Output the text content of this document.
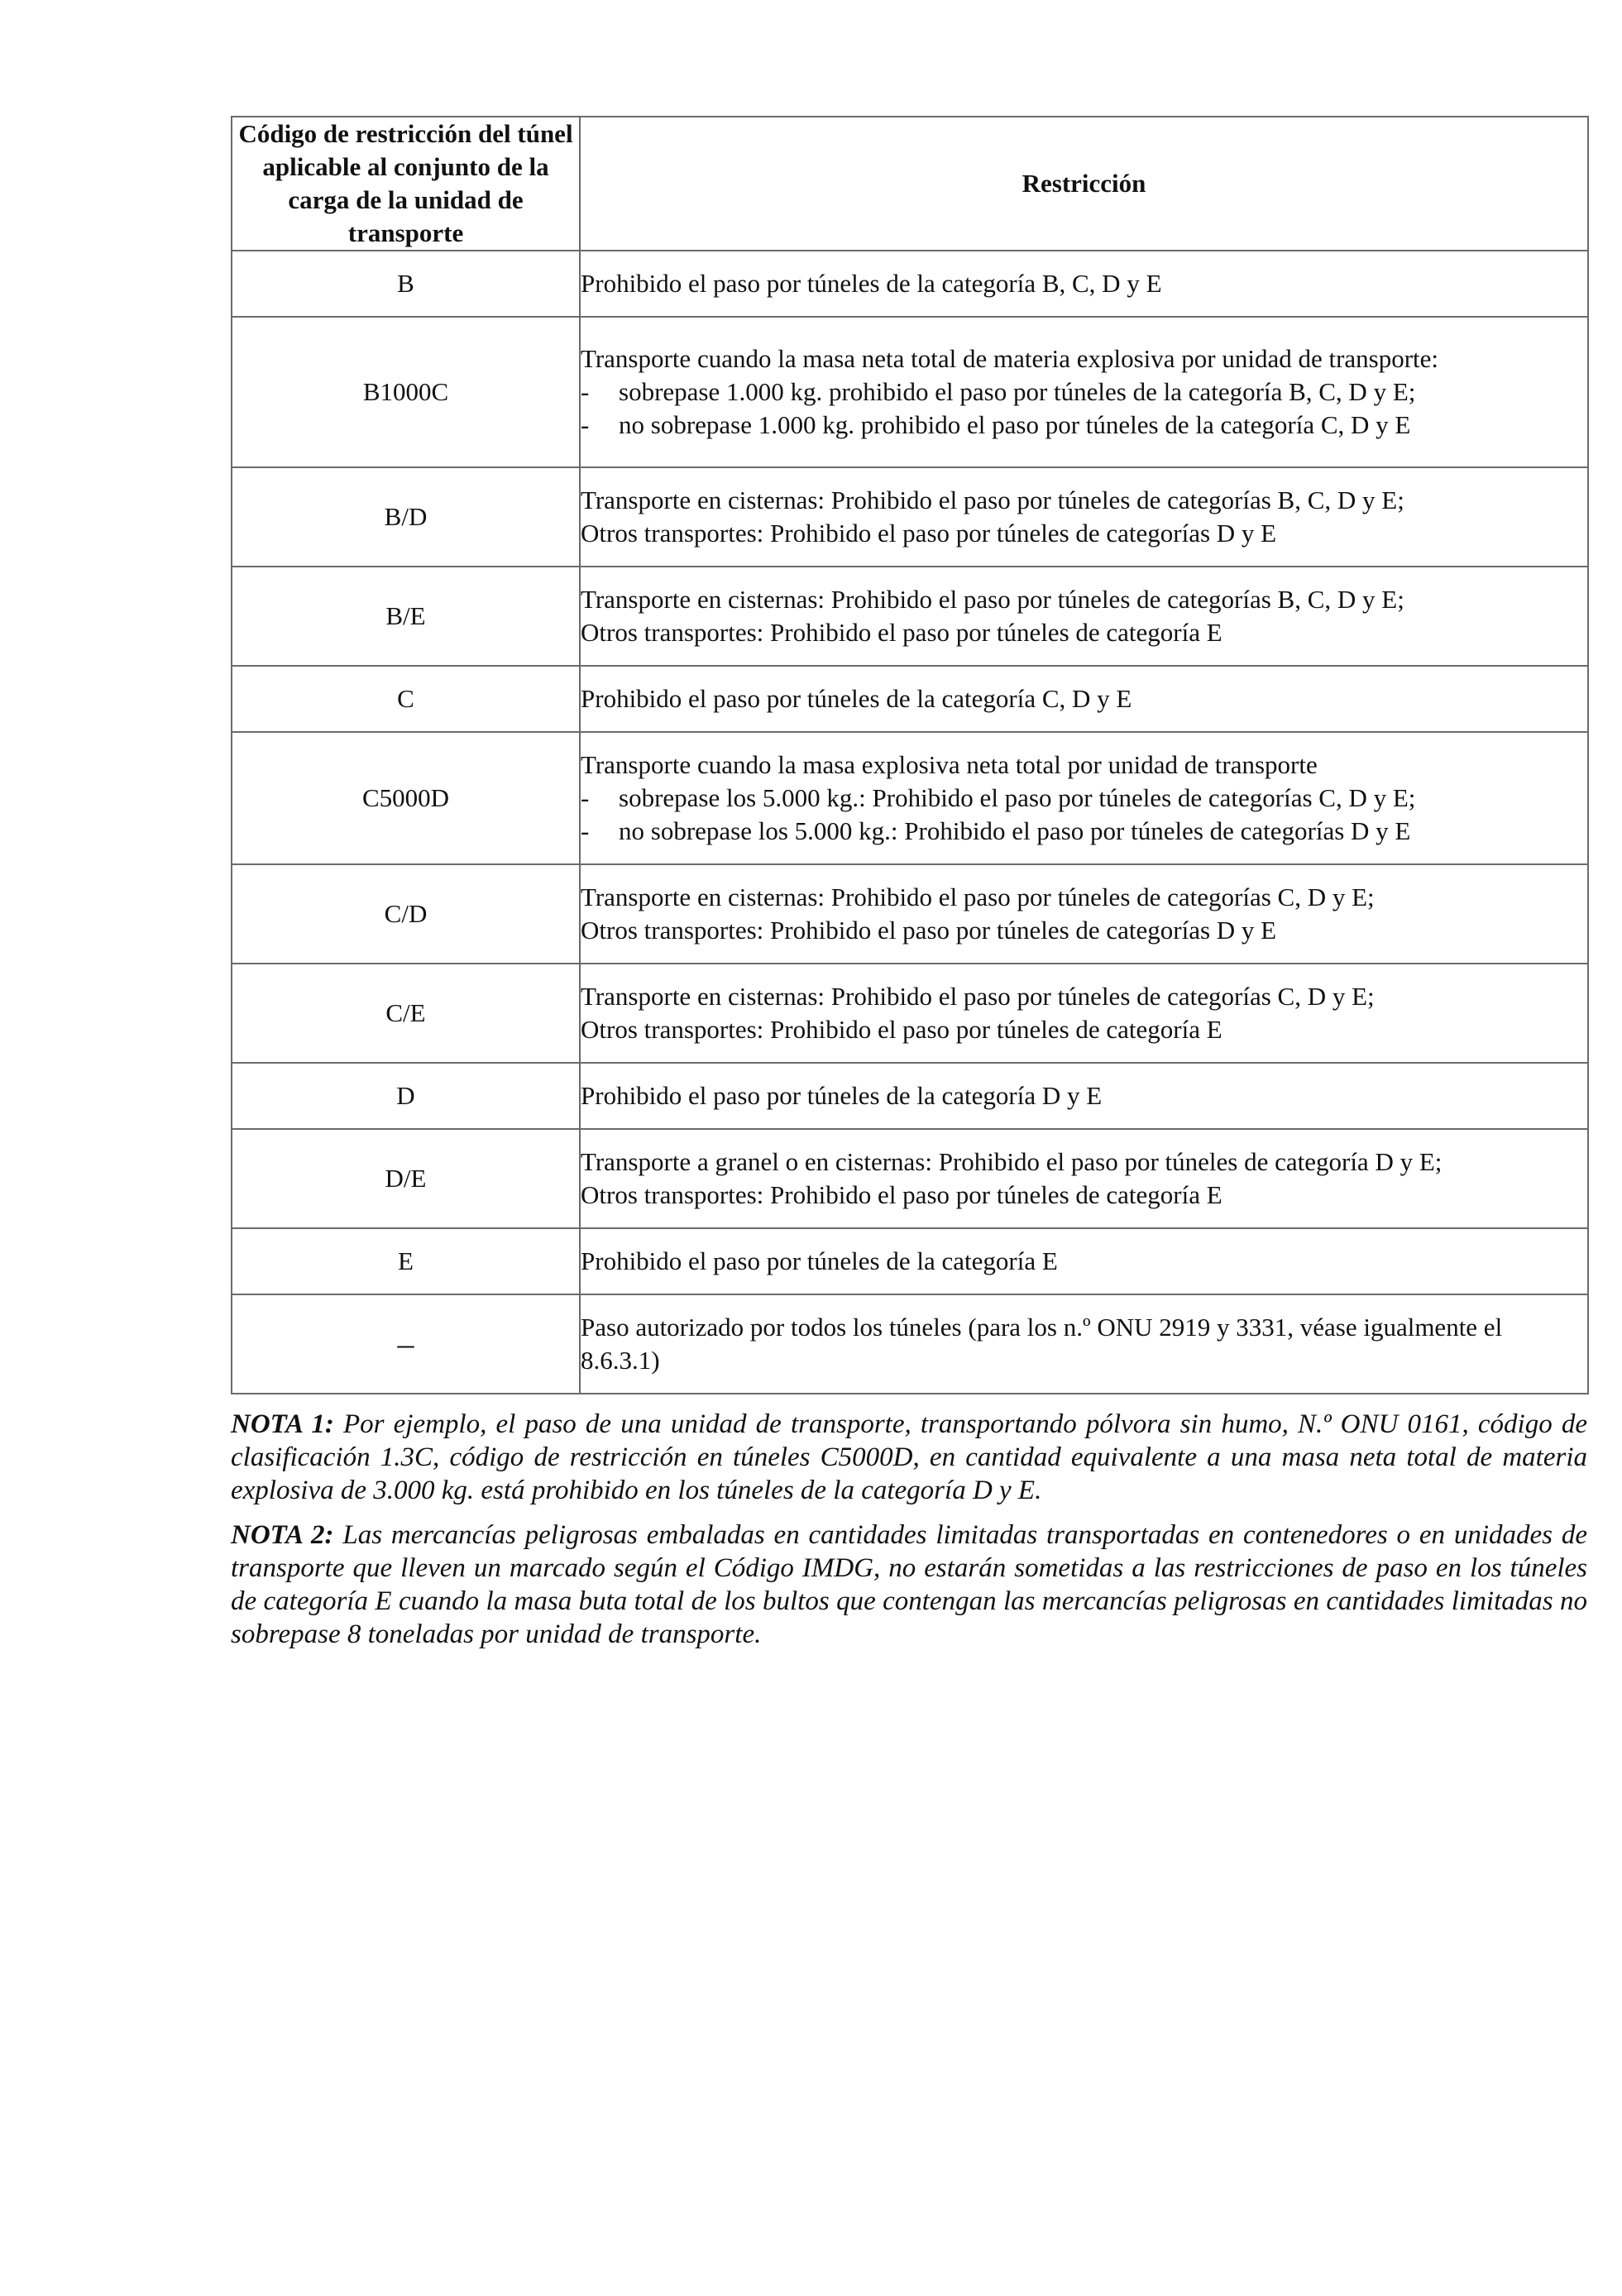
Código de restricción del túnel aplicable al conjunto de la carga de la unidad de transporte	Restricción
B	Prohibido el paso por túneles de la categoría B, C, D y E

B1000C	Transporte cuando la masa neta total de materia explosiva por unidad de transporte:
- sobrepase 1.000 kg. prohibido el paso por túneles de la categoría B, C, D y E;
- no sobrepase 1.000 kg. prohibido el paso por túneles de la categoría C, D y E

B/D	Transporte en cisternas: Prohibido el paso por túneles de categorías B, C, D y E;
Otros transportes: Prohibido el paso por túneles de categorías D y E

B/E	Transporte en cisternas: Prohibido el paso por túneles de categorías B, C, D y E;
Otros transportes: Prohibido el paso por túneles de categoría E

C	Prohibido el paso por túneles de la categoría C, D y E

C5000D	Transporte cuando la masa explosiva neta total por unidad de transporte
- sobrepase los 5.000 kg.: Prohibido el paso por túneles de categorías C, D y E;
- no sobrepase los 5.000 kg.: Prohibido el paso por túneles de categorías D y E

C/D	Transporte en cisternas: Prohibido el paso por túneles de categorías C, D y E;
Otros transportes: Prohibido el paso por túneles de categorías D y E

C/E	Transporte en cisternas: Prohibido el paso por túneles de categorías C, D y E;
Otros transportes: Prohibido el paso por túneles de categoría E

D	Prohibido el paso por túneles de la categoría D y E

D/E	Transporte a granel o en cisternas: Prohibido el paso por túneles de categoría D y E;
Otros transportes: Prohibido el paso por túneles de categoría E

E	Prohibido el paso por túneles de la categoría E

–	Paso autorizado por todos los túneles (para los n.º ONU 2919 y 3331, véase igualmente el 8.6.3.1)

NOTA 1: Por ejemplo, el paso de una unidad de transporte, transportando pólvora sin humo, N.º ONU 0161, código de clasificación 1.3C, código de restricción en túneles C5000D, en cantidad equivalente a una masa neta total de materia explosiva de 3.000 kg. está prohibido en los túneles de la categoría D y E.

NOTA 2: Las mercancías peligrosas embaladas en cantidades limitadas transportadas en contenedores o en unidades de transporte que lleven un marcado según el Código IMDG, no estarán sometidas a las restricciones de paso en los túneles de categoría E cuando la masa buta total de los bultos que contengan las mercancías peligrosas en cantidades limitadas no sobrepase 8 toneladas por unidad de transporte.
